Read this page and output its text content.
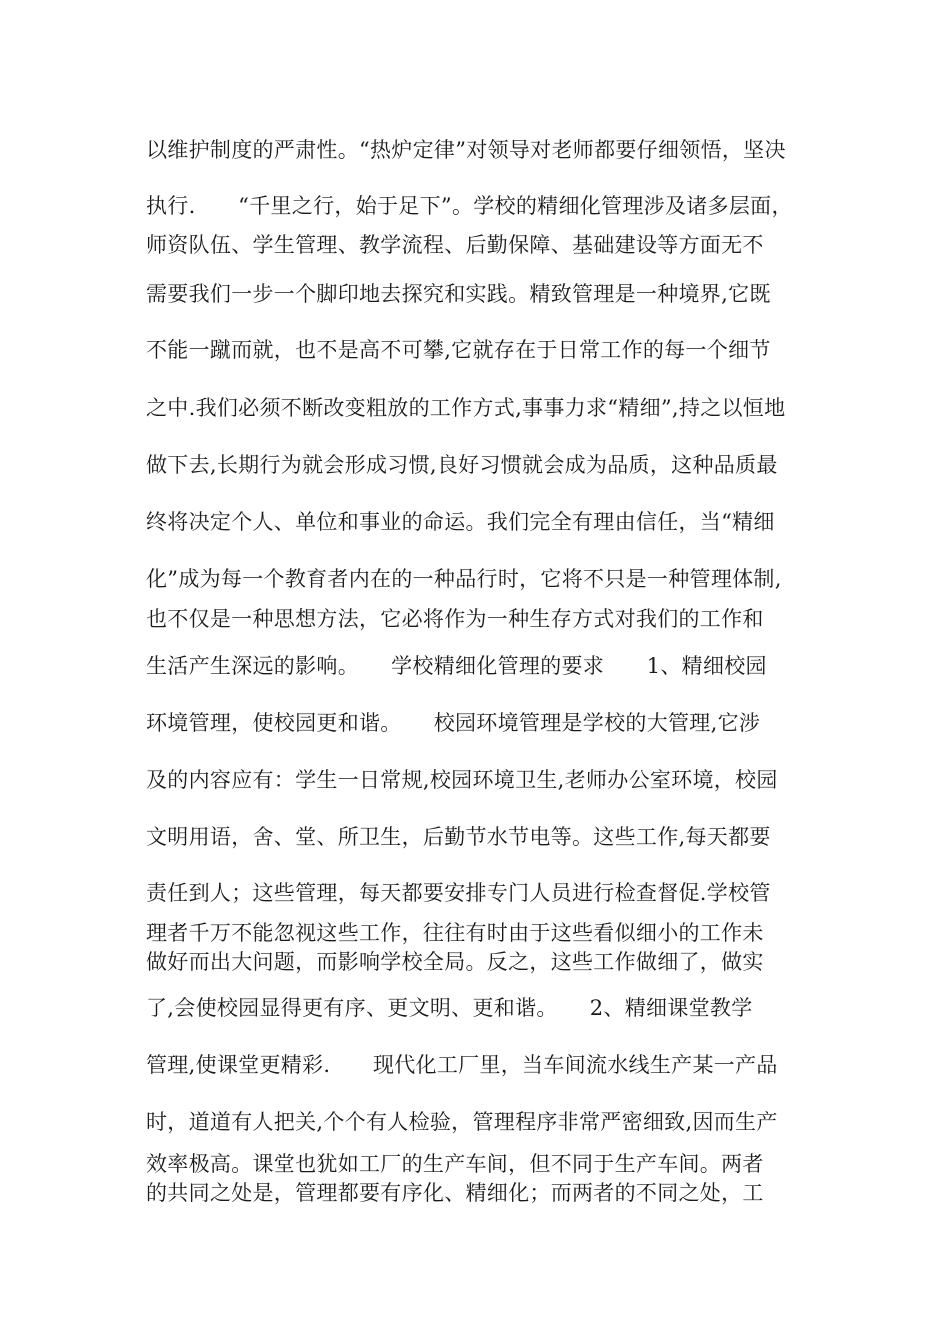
以维护制度的严肃性。“热炉定律”对领导对老师都要仔细领悟，坚决
执行.　　“千里之行，始于足下”。学校的精细化管理涉及诸多层面，
师资队伍、学生管理、教学流程、后勤保障、基础建设等方面无不
需要我们一步一个脚印地去探究和实践。精致管理是一种境界,它既
不能一蹴而就，也不是高不可攀,它就存在于日常工作的每一个细节
之中.我们必须不断改变粗放的工作方式,事事力求“精细”,持之以恒地
做下去,长期行为就会形成习惯,良好习惯就会成为品质，这种品质最
终将决定个人、单位和事业的命运。我们完全有理由信任，当“精细
化”成为每一个教育者内在的一种品行时，它将不只是一种管理体制,
也不仅是一种思想方法，它必将作为一种生存方式对我们的工作和
生活产生深远的影响。　　学校精细化管理的要求　　1、精细校园
环境管理，使校园更和谐。　　校园环境管理是学校的大管理,它涉
及的内容应有：学生一日常规,校园环境卫生,老师办公室环境，校园
文明用语，舍、堂、所卫生，后勤节水节电等。这些工作,每天都要
责任到人；这些管理，每天都要安排专门人员进行检查督促.学校管
理者千万不能忽视这些工作，往往有时由于这些看似细小的工作未
做好而出大问题，而影响学校全局。反之，这些工作做细了，做实
了,会使校园显得更有序、更文明、更和谐。　　2、精细课堂教学
管理,使课堂更精彩.　　现代化工厂里，当车间流水线生产某一产品
时，道道有人把关,个个有人检验，管理程序非常严密细致,因而生产
效率极高。课堂也犹如工厂的生产车间，但不同于生产车间。两者
的共同之处是，管理都要有序化、精细化；而两者的不同之处，工
